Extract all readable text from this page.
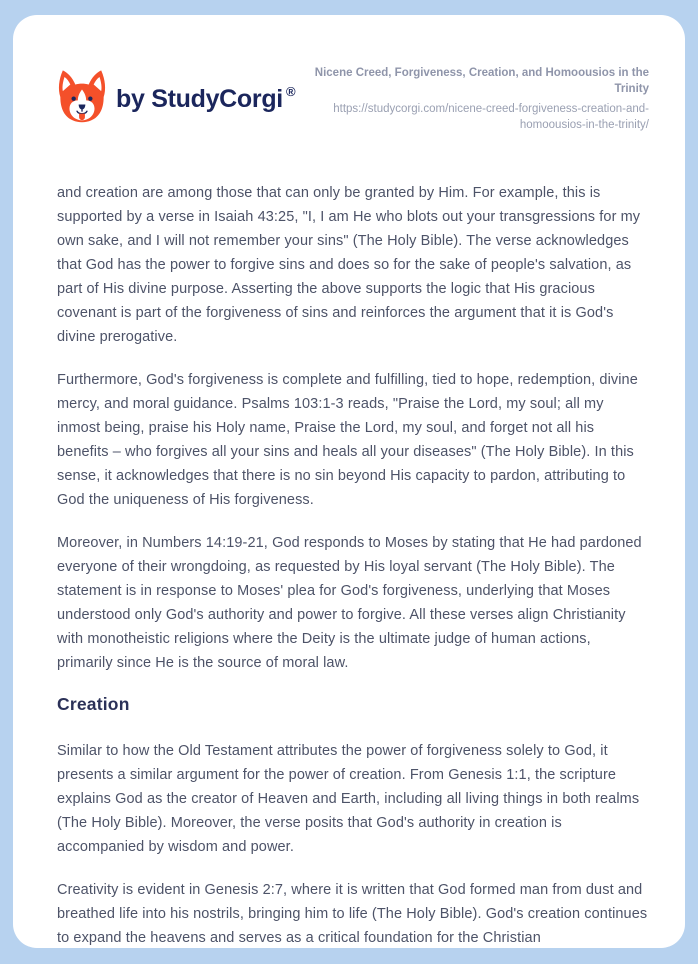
by StudyCorgi ®
Nicene Creed, Forgiveness, Creation, and Homoousios in the Trinity
https://studycorgi.com/nicene-creed-forgiveness-creation-and-homoousios-in-the-trinity/

and creation are among those that can only be granted by Him. For example, this is supported by a verse in Isaiah 43:25, "I, I am He who blots out your transgressions for my own sake, and I will not remember your sins" (The Holy Bible). The verse acknowledges that God has the power to forgive sins and does so for the sake of people's salvation, as part of His divine purpose. Asserting the above supports the logic that His gracious covenant is part of the forgiveness of sins and reinforces the argument that it is God's divine prerogative.

Furthermore, God's forgiveness is complete and fulfilling, tied to hope, redemption, divine mercy, and moral guidance. Psalms 103:1-3 reads, "Praise the Lord, my soul; all my inmost being, praise his Holy name, Praise the Lord, my soul, and forget not all his benefits – who forgives all your sins and heals all your diseases" (The Holy Bible). In this sense, it acknowledges that there is no sin beyond His capacity to pardon, attributing to God the uniqueness of His forgiveness.

Moreover, in Numbers 14:19-21, God responds to Moses by stating that He had pardoned everyone of their wrongdoing, as requested by His loyal servant (The Holy Bible). The statement is in response to Moses' plea for God's forgiveness, underlying that Moses understood only God's authority and power to forgive. All these verses align Christianity with monotheistic religions where the Deity is the ultimate judge of human actions, primarily since He is the source of moral law.

Creation

Similar to how the Old Testament attributes the power of forgiveness solely to God, it presents a similar argument for the power of creation. From Genesis 1:1, the scripture explains God as the creator of Heaven and Earth, including all living things in both realms (The Holy Bible). Moreover, the verse posits that God's authority in creation is accompanied by wisdom and power.

Creativity is evident in Genesis 2:7, where it is written that God formed man from dust and breathed life into his nostrils, bringing him to life (The Holy Bible). God's creation continues to expand the heavens and serves as a critical foundation for the Christian
